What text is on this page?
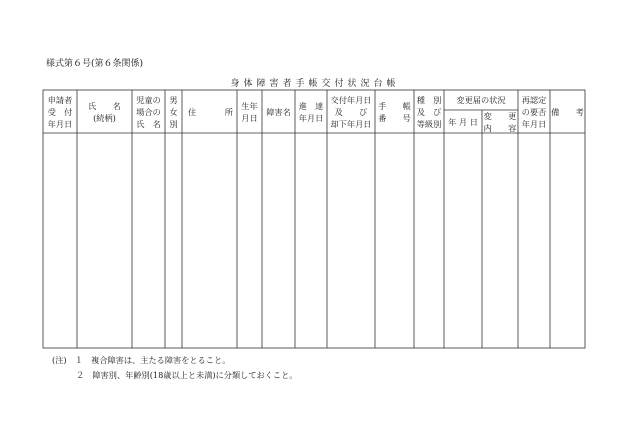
様式第６号(第６条関係)
身体障害者手帳交付状況台帳
申請者
受　付
年月日
氏　　名
(続柄)
児童の
場合の
氏　名
男
女
別
住	所
生年
月日
障害名
進　達
年月日
交付年月日
及　　び
却下年月日
手　　帳
番　　号
種　別
及　び
等級別
変更届の状況
年 月 日
変　　更
内　　容
再認定
の要否
年月日
備　　考
(注)　１　複合障害は、主たる障害をとること。
２　障害別、年齢別(18歳以上と未満)に分類しておくこと。
